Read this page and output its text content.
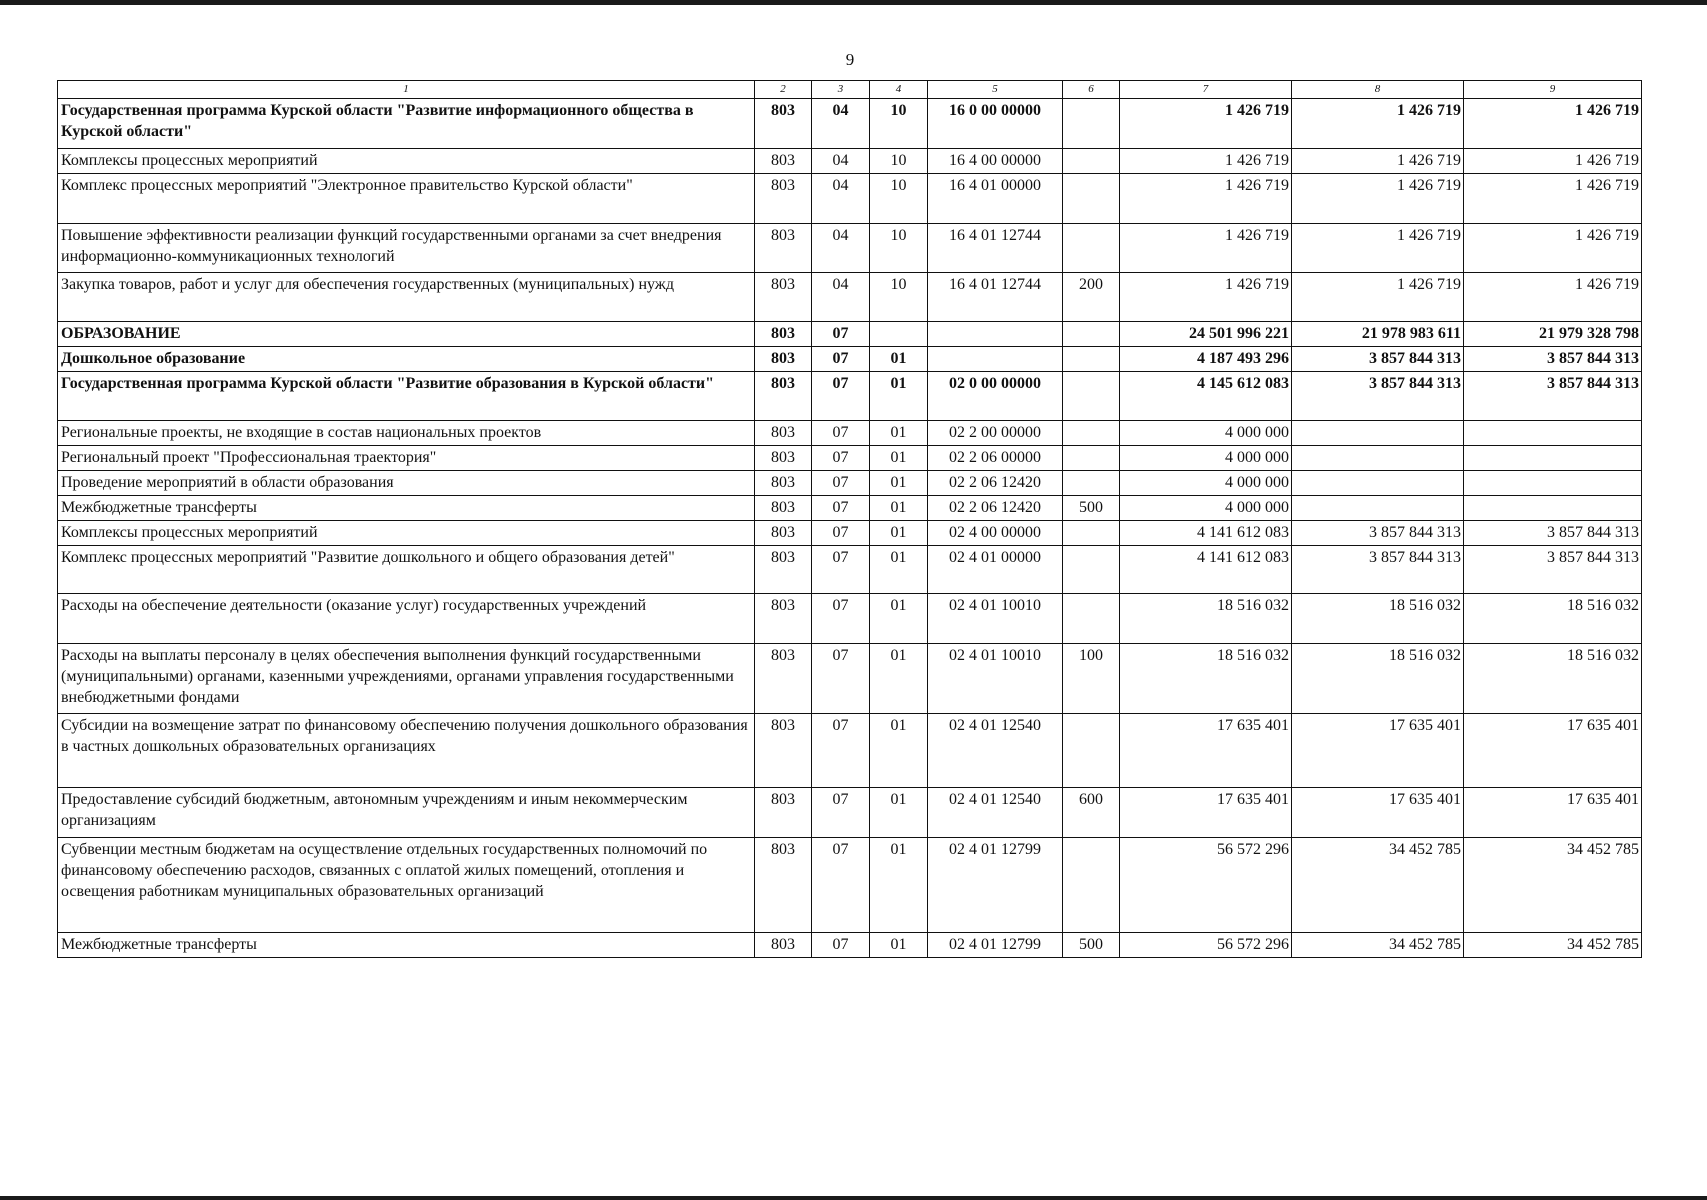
9
1	2	3	4	5	6	7	8	9
Государственная программа Курской области "Развитие информационного общества в Курской области"	803	04	10	16 0 00 00000		1 426 719	1 426 719	1 426 719
Комплексы процессных мероприятий	803	04	10	16 4 00 00000		1 426 719	1 426 719	1 426 719
Комплекс процессных мероприятий "Электронное правительство Курской области"	803	04	10	16 4 01 00000		1 426 719	1 426 719	1 426 719
Повышение эффективности реализации функций государственными органами за счет внедрения информационно-коммуникационных технологий	803	04	10	16 4 01 12744		1 426 719	1 426 719	1 426 719
Закупка товаров, работ и услуг для обеспечения государственных (муниципальных) нужд	803	04	10	16 4 01 12744	200	1 426 719	1 426 719	1 426 719
ОБРАЗОВАНИЕ	803	07				24 501 996 221	21 978 983 611	21 979 328 798
Дошкольное образование	803	07	01			4 187 493 296	3 857 844 313	3 857 844 313
Государственная программа Курской области "Развитие образования в Курской области"	803	07	01	02 0 00 00000		4 145 612 083	3 857 844 313	3 857 844 313
Региональные проекты, не входящие в состав национальных проектов	803	07	01	02 2 00 00000		4 000 000		
Региональный проект "Профессиональная траектория"	803	07	01	02 2 06 00000		4 000 000		
Проведение мероприятий в области образования	803	07	01	02 2 06 12420		4 000 000		
Межбюджетные трансферты	803	07	01	02 2 06 12420	500	4 000 000		
Комплексы процессных мероприятий	803	07	01	02 4 00 00000		4 141 612 083	3 857 844 313	3 857 844 313
Комплекс процессных мероприятий "Развитие дошкольного и общего образования детей"	803	07	01	02 4 01 00000		4 141 612 083	3 857 844 313	3 857 844 313
Расходы на обеспечение деятельности (оказание услуг) государственных учреждений	803	07	01	02 4 01 10010		18 516 032	18 516 032	18 516 032
Расходы на выплаты персоналу в целях обеспечения выполнения функций государственными (муниципальными) органами, казенными учреждениями, органами управления государственными внебюджетными фондами	803	07	01	02 4 01 10010	100	18 516 032	18 516 032	18 516 032
Субсидии на возмещение затрат по финансовому обеспечению получения дошкольного образования в частных дошкольных образовательных организациях	803	07	01	02 4 01 12540		17 635 401	17 635 401	17 635 401
Предоставление субсидий бюджетным, автономным учреждениям и иным некоммерческим организациям	803	07	01	02 4 01 12540	600	17 635 401	17 635 401	17 635 401
Субвенции местным бюджетам на осуществление отдельных государственных полномочий по финансовому обеспечению расходов, связанных с оплатой жилых помещений, отопления и освещения работникам муниципальных образовательных организаций	803	07	01	02 4 01 12799		56 572 296	34 452 785	34 452 785
Межбюджетные трансферты	803	07	01	02 4 01 12799	500	56 572 296	34 452 785	34 452 785
